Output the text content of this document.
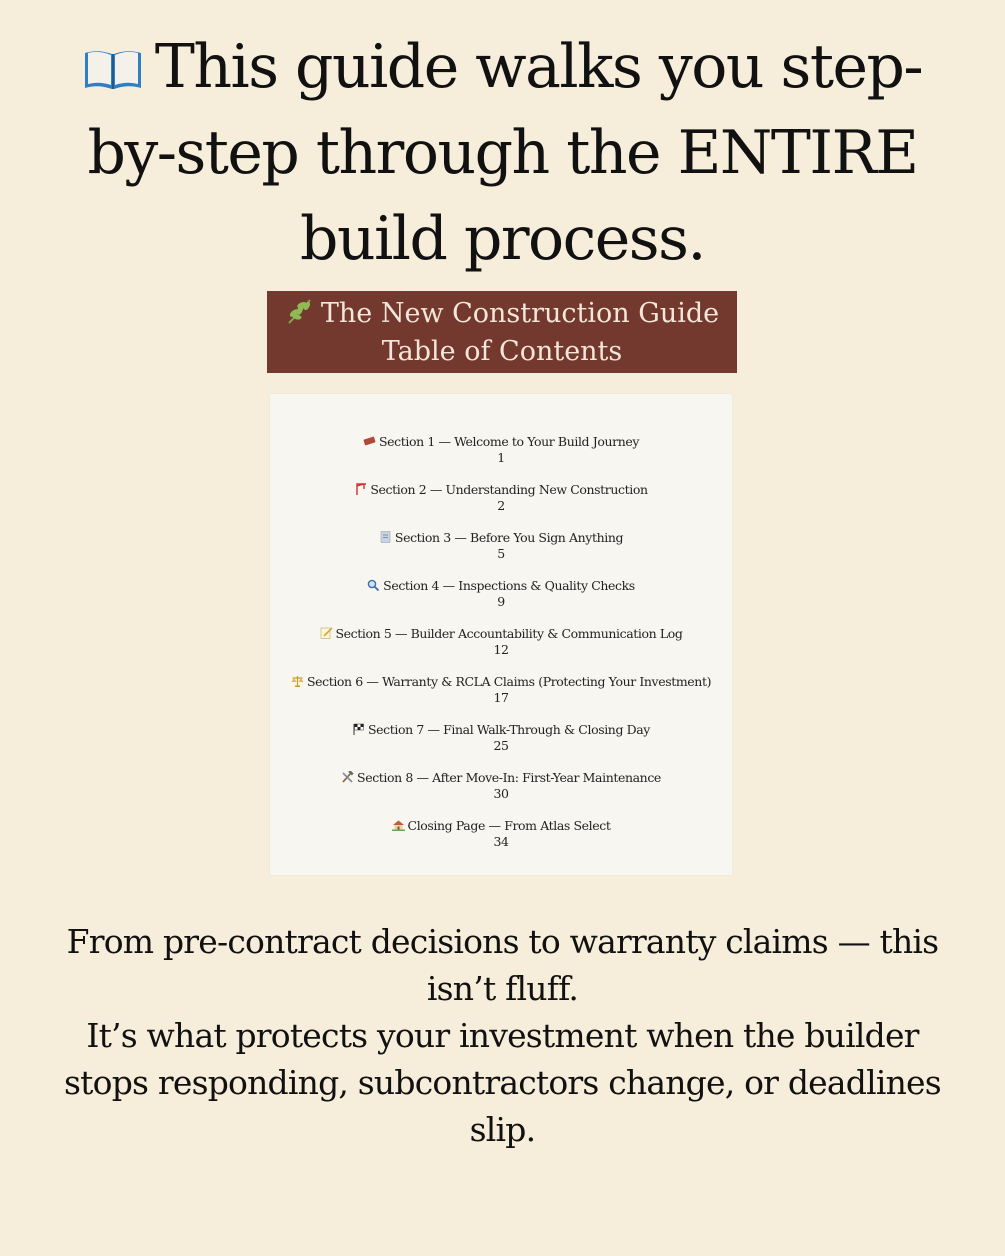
This guide walks you step-by-step through the ENTIRE build process.
The New Construction Guide
Table of Contents
Section 1 — Welcome to Your Build Journey
1
Section 2 — Understanding New Construction
2
Section 3 — Before You Sign Anything
5
Section 4 — Inspections & Quality Checks
9
Section 5 — Builder Accountability & Communication Log
12
Section 6 — Warranty & RCLA Claims (Protecting Your Investment)
17
Section 7 — Final Walk-Through & Closing Day
25
Section 8 — After Move-In: First-Year Maintenance
30
Closing Page — From Atlas Select
34

From pre-contract decisions to warranty claims — this isn’t fluff.
It’s what protects your investment when the builder stops responding, subcontractors change, or deadlines slip.
